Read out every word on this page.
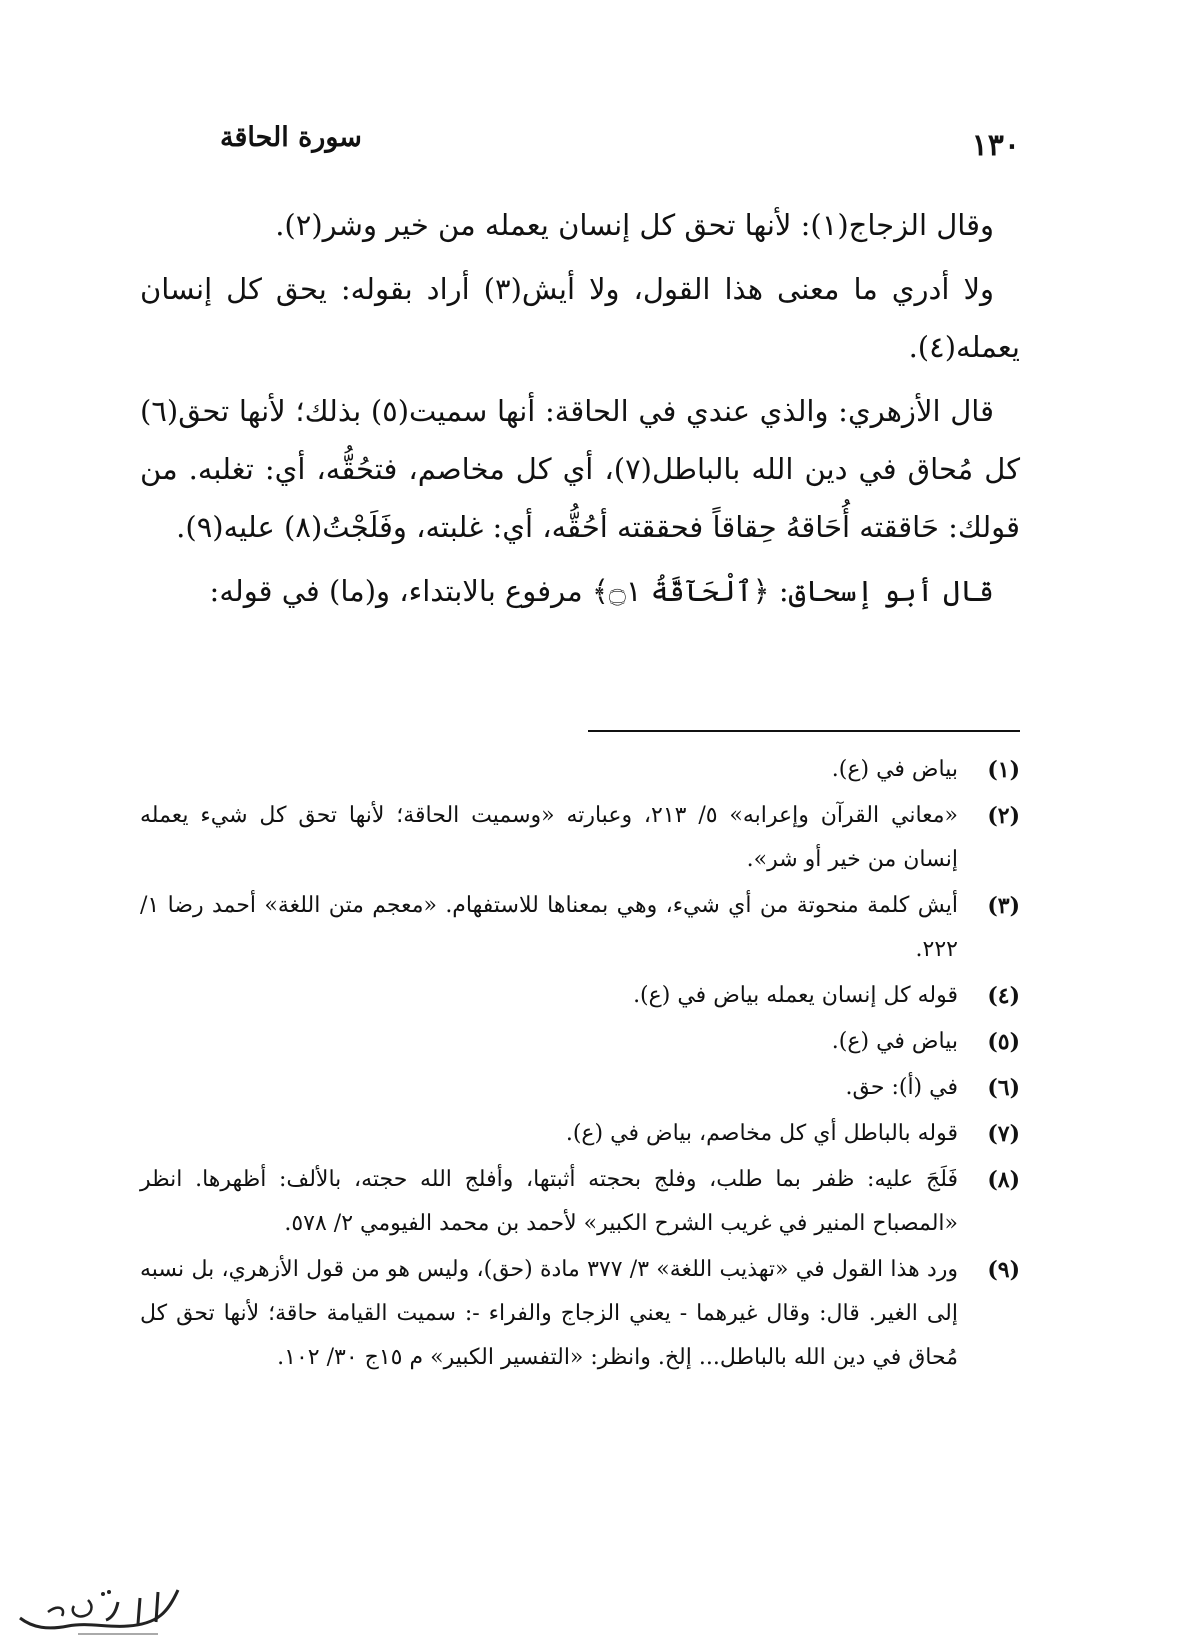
١٣٠
سورة الحاقة

وقال الزجاج(١): لأنها تحق كل إنسان يعمله من خير وشر(٢).

ولا أدري ما معنى هذا القول، ولا أيش(٣) أراد بقوله: يحق كل إنسان يعمله(٤).

قال الأزهري: والذي عندي في الحاقة: أنها سميت(٥) بذلك؛ لأنها تحق(٦) كل مُحاق في دين الله بالباطل(٧)، أي كل مخاصم، فتحُقُّه، أي: تغلبه. من قولك: حَاققته أُحَاقهُ حِقاقاً فحققته أحُقُّه، أي: غلبته، وفَلَجْتُ(٨) عليه(٩).

قال أبو إسحاق: ﴿ٱلْحَآقَّةُ ۝١﴾ مرفوع بالابتداء، و(ما) في قوله:

(١)
بياض في (ع).
(٢)
«معاني القرآن وإعرابه» ٥/ ٢١٣، وعبارته «وسميت الحاقة؛ لأنها تحق كل شيء يعمله إنسان من خير أو شر».
(٣)
أيش كلمة منحوتة من أي شيء، وهي بمعناها للاستفهام. «معجم متن اللغة» أحمد رضا ١/ ٢٢٢.
(٤)
قوله كل إنسان يعمله بياض في (ع).
(٥)
بياض في (ع).
(٦)
في (أ): حق.
(٧)
قوله بالباطل أي كل مخاصم، بياض في (ع).
(٨)
فَلَجَ عليه: ظفر بما طلب، وفلج بحجته أثبتها، وأفلج الله حجته، بالألف: أظهرها. انظر «المصباح المنير في غريب الشرح الكبير» لأحمد بن محمد الفيومي ٢/ ٥٧٨.
(٩)
ورد هذا القول في «تهذيب اللغة» ٣/ ٣٧٧ مادة (حق)، وليس هو من قول الأزهري، بل نسبه إلى الغير. قال: وقال غيرهما - يعني الزجاج والفراء -: سميت القيامة حاقة؛ لأنها تحق كل مُحاق في دين الله بالباطل... إلخ. وانظر: «التفسير الكبير» م ١٥ج ٣٠/ ١٠٢.
